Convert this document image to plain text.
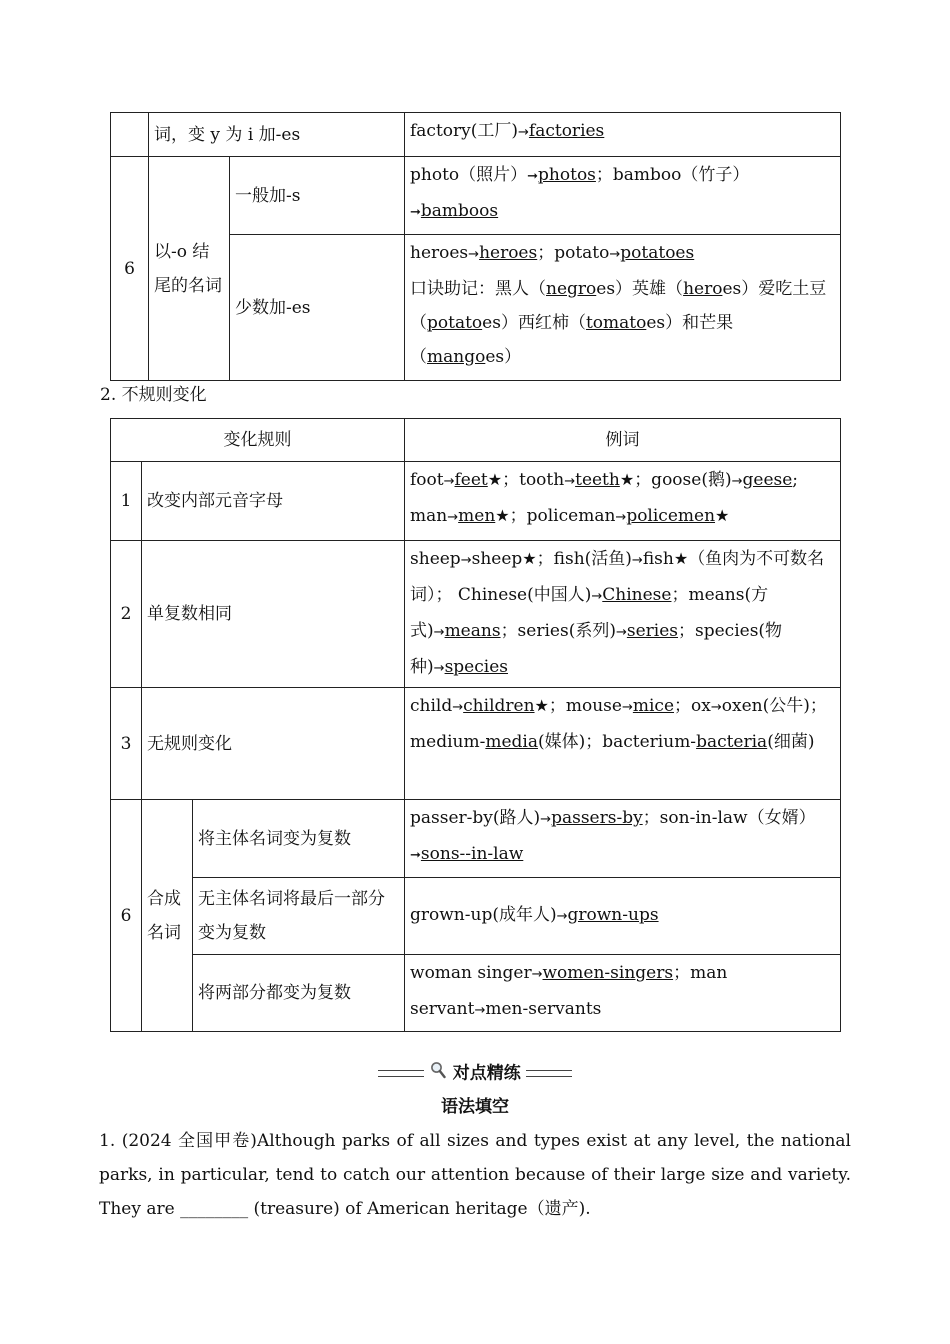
	词，变 y 为 i 加-es		factory(工厂)→factories
6	以-o 结尾的名词	一般加-s	photo（照片）➞photos；bamboo（竹子）
➞bamboos
		少数加-es	heroes→heroes；potato→potatoes
口诀助记：黑人（negroes）英雄（heroes）爱吃土豆（potatoes）西红柿（tomatoes）和芒果（mangoes）
2. 不规则变化
变化规则			例词
1	改变内部元音字母		foot→feet★；tooth→teeth★；goose(鹅)→geese; man→men★；policeman→policemen★
2	单复数相同		sheep→sheep★；fish(活鱼)→fish★（鱼肉为不可数名词）； Chinese(中国人)→Chinese；means(方式)→means；series(系列)→series；species(物种)→species
3	无规则变化		child→children★；mouse→mice；ox→oxen(公牛)；medium-media(媒体)；bacterium-bacteria(细菌)
6	合成名词	将主体名词变为复数	passer-by(路人)→passers-by；son-in-law（女婿）
➞sons--in-law
		无主体名词将最后一部分变为复数	grown-up(成年人)→grown-ups
		将两部分都变为复数	woman singer→women-singers；man servant→men-servants
对点精练
语法填空
1. (2024 全国甲卷)Although parks of all sizes and types exist at any level, the national parks, in particular, tend to catch our attention because of their large size and variety. They are ________ (treasure) of American heritage（遗产).
